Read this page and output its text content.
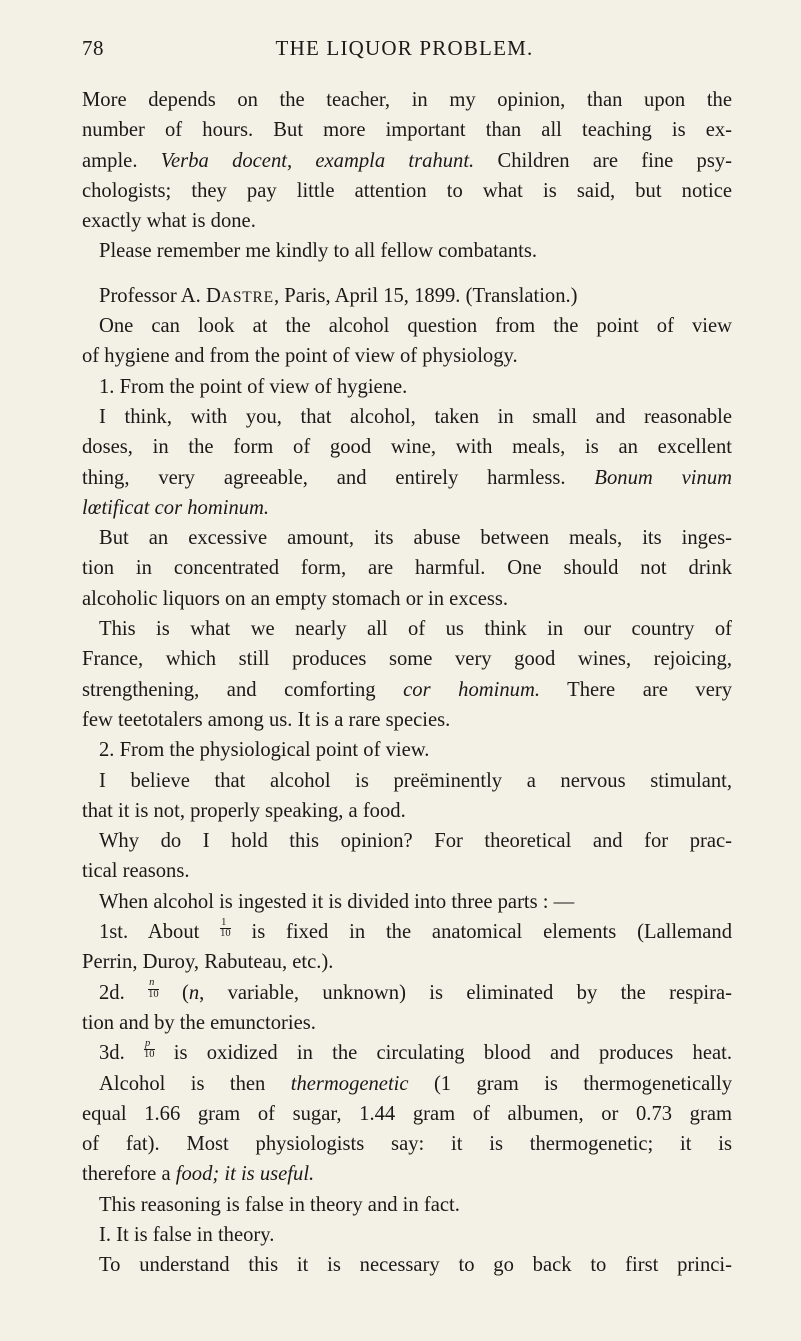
78	THE LIQUOR PROBLEM.
More depends on the teacher, in my opinion, than upon the
number of hours. But more important than all teaching is ex-
ample. Verba docent, exampla trahunt. Children are fine psy-
chologists; they pay little attention to what is said, but notice
exactly what is done.
Please remember me kindly to all fellow combatants.
Professor A. DASTRE, Paris, April 15, 1899. (Translation.)
One can look at the alcohol question from the point of view
of hygiene and from the point of view of physiology.
1. From the point of view of hygiene.
I think, with you, that alcohol, taken in small and reasonable
doses, in the form of good wine, with meals, is an excellent
thing, very agreeable, and entirely harmless. Bonum vinum
lœtificat cor hominum.
But an excessive amount, its abuse between meals, its inges-
tion in concentrated form, are harmful. One should not drink
alcoholic liquors on an empty stomach or in excess.
This is what we nearly all of us think in our country of
France, which still produces some very good wines, rejoicing,
strengthening, and comforting cor hominum. There are very
few teetotalers among us. It is a rare species.
2. From the physiological point of view.
I believe that alcohol is preëminently a nervous stimulant,
that it is not, properly speaking, a food.
Why do I hold this opinion? For theoretical and for prac-
tical reasons.
When alcohol is ingested it is divided into three parts : —
1st. About $\frac{1}{10}$ is fixed in the anatomical elements (Lallemand
Perrin, Duroy, Rabuteau, etc.).
2d. $\frac{n}{10} (n$, variable, unknown) is eliminated by the respira-
tion and by the emunctories.
3d. $\frac{p}{10}$ is oxidized in the circulating blood and produces heat.
Alcohol is then thermogenetic (1 gram is thermogenetically
equal 1.66 gram of sugar, 1.44 gram of albumen, or 0.73 gram
of fat). Most physiologists say: it is thermogenetic; it is
therefore a food; it is useful.
This reasoning is false in theory and in fact.
I. It is false in theory.
To understand this it is necessary to go back to first princi-
